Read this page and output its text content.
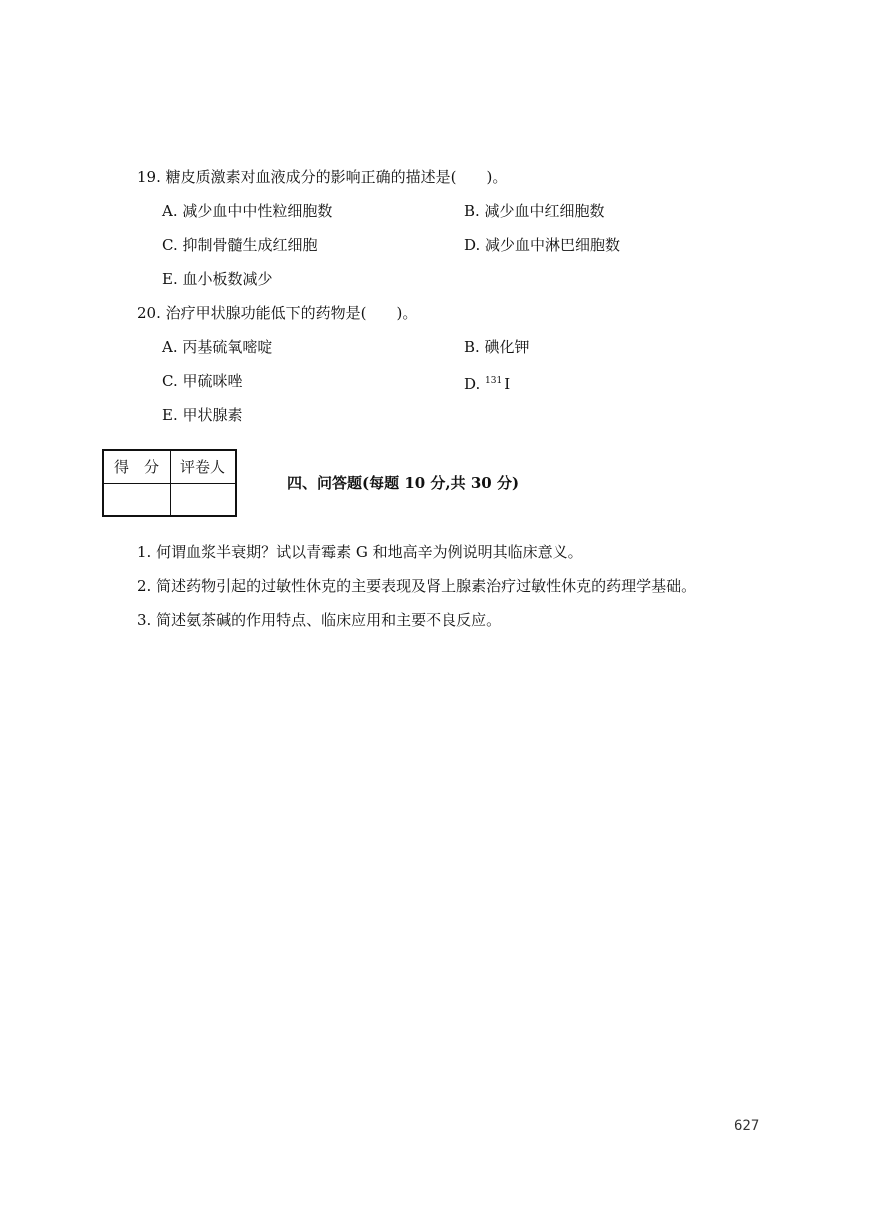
19. 糖皮质激素对血液成分的影响正确的描述是(　　)。
A. 减少血中中性粒细胞数	B. 减少血中红细胞数
C. 抑制骨髓生成红细胞	D. 减少血中淋巴细胞数
E. 血小板数减少
20. 治疗甲状腺功能低下的药物是(　　)。
A. 丙基硫氧嘧啶	B. 碘化钾
C. 甲硫咪唑	D. $^{131}$ I
E. 甲状腺素
得　分 评卷人
四、问答题(每题 10 分,共 30 分)
1. 何谓血浆半衰期？试以青霉素 G 和地高辛为例说明其临床意义。
2. 简述药物引起的过敏性休克的主要表现及肾上腺素治疗过敏性休克的药理学基础。
3. 简述氨茶碱的作用特点、临床应用和主要不良反应。
627
